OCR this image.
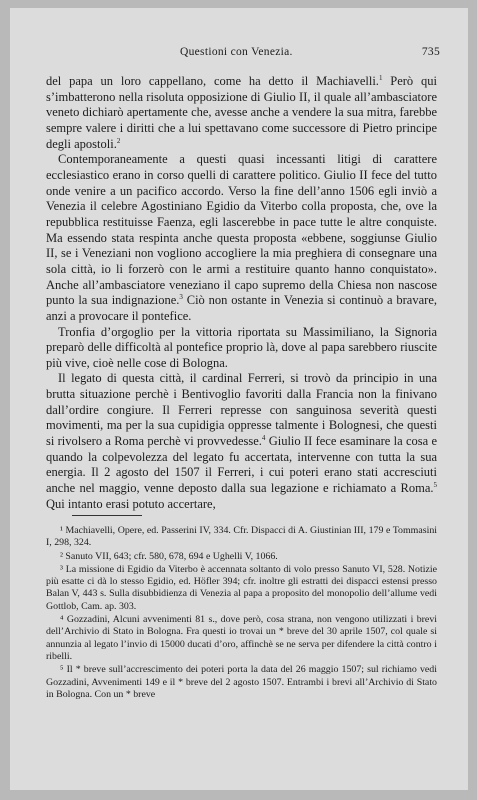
Questioni con Venezia.	735

del papa un loro cappellano, come ha detto il Machiavelli.$^1$ Però qui s’imbatterono nella risoluta opposizione di Giulio II, il quale all’ambasciatore veneto dichiarò apertamente che, avesse anche a vendere la sua mitra, farebbe sempre valere i diritti che a lui spettavano come successore di Pietro principe degli apostoli.$^2$

Contemporaneamente a questi quasi incessanti litigi di carattere ecclesiastico erano in corso quelli di carattere politico. Giulio II fece del tutto onde venire a un pacifico accordo. Verso la fine dell’anno 1506 egli inviò a Venezia il celebre Agostiniano Egidio da Viterbo colla proposta, che, ove la repubblica restituisse Faenza, egli lascerebbe in pace tutte le altre conquiste. Ma essendo stata respinta anche questa proposta «ebbene, soggiunse Giulio II, se i Veneziani non vogliono accogliere la mia preghiera di consegnare una sola città, io li forzerò con le armi a restituire quanto hanno conquistato». Anche all’ambasciatore veneziano il capo supremo della Chiesa non nascose punto la sua indignazione.$^3$ Ciò non ostante in Venezia si continuò a bravare, anzi a provocare il pontefice.

Tronfia d’orgoglio per la vittoria riportata su Massimiliano, la Signoria preparò delle difficoltà al pontefice proprio là, dove al papa sarebbero riuscite più vive, cioè nelle cose di Bologna.

Il legato di questa città, il cardinal Ferreri, si trovò da principio in una brutta situazione perchè i Bentivoglio favoriti dalla Francia non la finivano dall’ordire congiure. Il Ferreri represse con sanguinosa severità questi movimenti, ma per la sua cupidigia oppresse talmente i Bolognesi, che questi si rivolsero a Roma perchè vi provvedesse.$^4$ Giulio II fece esaminare la cosa e quando la colpevolezza del legato fu accertata, intervenne con tutta la sua energia. Il 2 agosto del 1507 il Ferreri, i cui poteri erano stati accresciuti anche nel maggio, venne deposto dalla sua legazione e richiamato a Roma.$^5$ Qui intanto erasi potuto accertare,

¹ Machiavelli, Opere, ed. Passerini IV, 334. Cfr. Dispacci di A. Giustinian III, 179 e Tommasini I, 298, 324.

² Sanuto VII, 643; cfr. 580, 678, 694 e Ughelli V, 1066.

³ La missione di Egidio da Viterbo è accennata soltanto di volo presso Sanuto VI, 528. Notizie più esatte ci dà lo stesso Egidio, ed. Höfler 394; cfr. inoltre gli estratti dei dispacci estensi presso Balan V, 443 s. Sulla disubbidienza di Venezia al papa a proposito del monopolio dell’allume vedi Gottlob, Cam. ap. 303.

⁴ Gozzadini, Alcuni avvenimenti 81 s., dove però, cosa strana, non vengono utilizzati i brevi dell’Archivio di Stato in Bologna. Fra questi io trovai un * breve del 30 aprile 1507, col quale si annunzia al legato l’invio di 15000 ducati d’oro, affinchè se ne serva per difendere la città contro i ribelli.

⁵ Il * breve sull’accrescimento dei poteri porta la data del 26 maggio 1507; sul richiamo vedi Gozzadini, Avvenimenti 149 e il * breve del 2 agosto 1507. Entrambi i brevi all’Archivio di Stato in Bologna. Con un * breve
